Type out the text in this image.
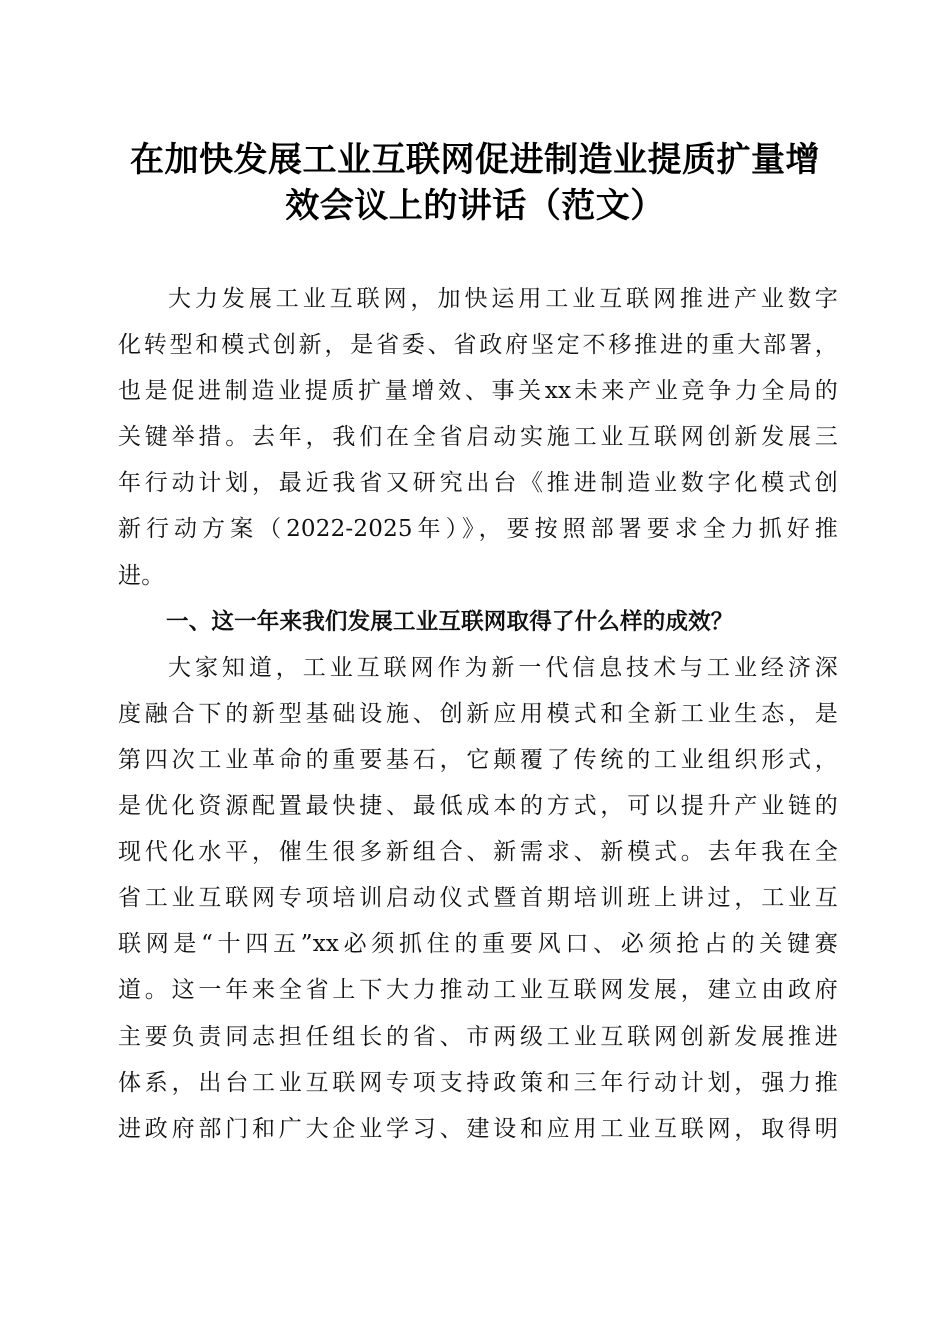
在加快发展工业互联网促进制造业提质扩量增
效会议上的讲话（范文）
大力发展工业互联网，加快运用工业互联网推进产业数字
化转型和模式创新，是省委、省政府坚定不移推进的重大部署，
也是促进制造业提质扩量增效、事关xx未来产业竞争力全局的
关键举措。去年，我们在全省启动实施工业互联网创新发展三
年行动计划，最近我省又研究出台《推进制造业数字化模式创
新行动方案（2022-2025年）》，要按照部署要求全力抓好推
进。
一、这一年来我们发展工业互联网取得了什么样的成效？
大家知道，工业互联网作为新一代信息技术与工业经济深
度融合下的新型基础设施、创新应用模式和全新工业生态，是
第四次工业革命的重要基石，它颠覆了传统的工业组织形式，
是优化资源配置最快捷、最低成本的方式，可以提升产业链的
现代化水平，催生很多新组合、新需求、新模式。去年我在全
省工业互联网专项培训启动仪式暨首期培训班上讲过，工业互
联网是“十四五”xx必须抓住的重要风口、必须抢占的关键赛
道。这一年来全省上下大力推动工业互联网发展，建立由政府
主要负责同志担任组长的省、市两级工业互联网创新发展推进
体系，出台工业互联网专项支持政策和三年行动计划，强力推
进政府部门和广大企业学习、建设和应用工业互联网，取得明
